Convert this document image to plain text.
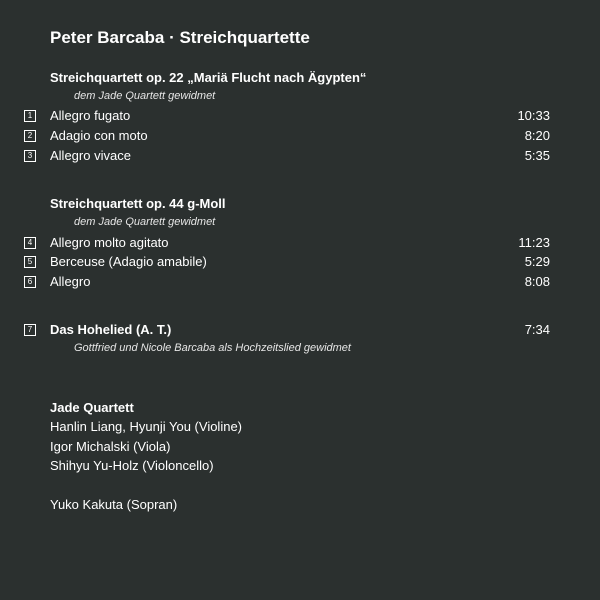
Peter Barcaba · Streichquartette
Streichquartett op. 22 „Mariä Flucht nach Ägypten“
dem Jade Quartett gewidmet
1 Allegro fugato	10:33
2 Adagio con moto	8:20
3 Allegro vivace	5:35
Streichquartett op. 44 g-Moll
dem Jade Quartett gewidmet
4 Allegro molto agitato	11:23
5 Berceuse (Adagio amabile)	5:29
6 Allegro	8:08
7 Das Hohelied (A. T.)	7:34
Gottfried und Nicole Barcaba als Hochzeitslied gewidmet
Jade Quartett
Hanlin Liang, Hyunji You (Violine)
Igor Michalski (Viola)
Shihyu Yu-Holz (Violoncello)
Yuko Kakuta (Sopran)
